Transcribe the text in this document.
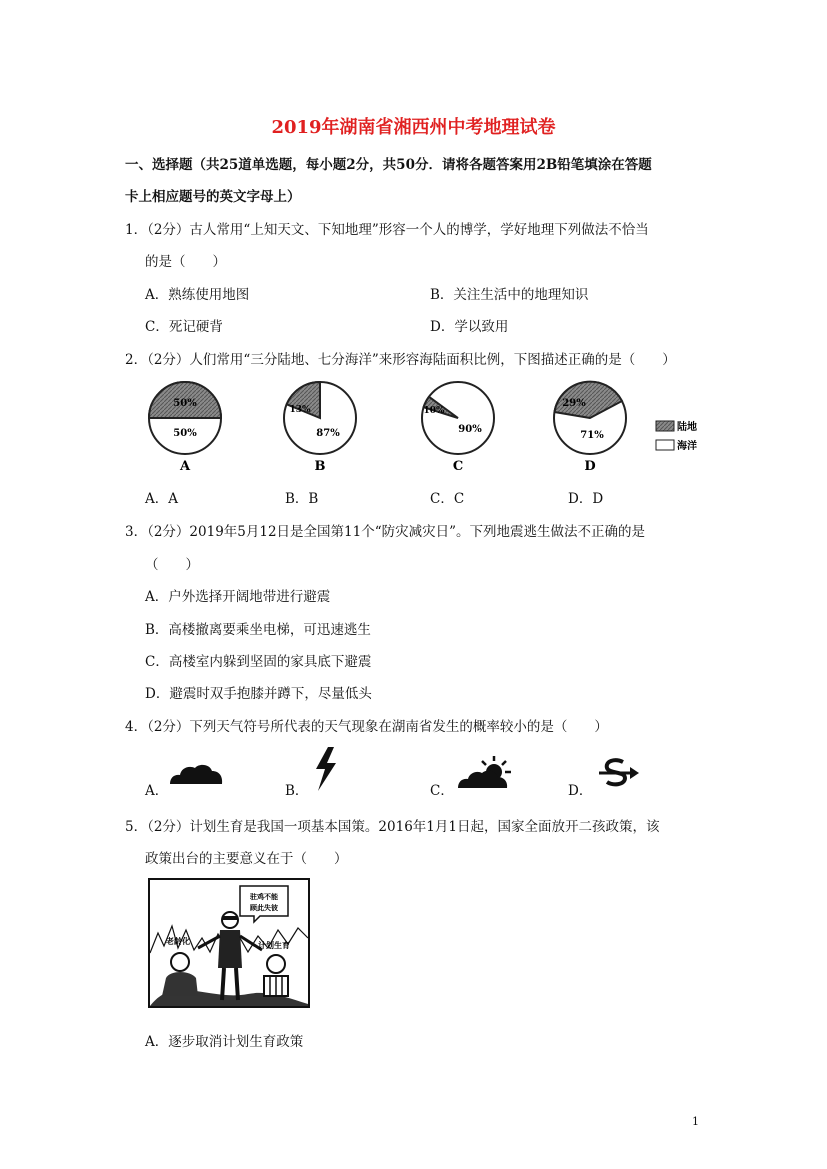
2019年湖南省湘西州中考地理试卷
一、选择题（共25道单选题，每小题2分，共50分．请将各题答案用2B铅笔填涂在答题
卡上相应题号的英文字母上）
1．（2分）古人常用“上知天文、下知地理”形容一个人的博学，学好地理下列做法不恰当
的是（　　）
A．熟练使用地图	B．关注生活中的地理知识
C．死记硬背	D．学以致用
2．（2分）人们常用“三分陆地、七分海洋”来形容海陆面积比例，下图描述正确的是（　　）
50%
50%
A
13%
87%
B
10%
90%
C
29%
71%
D
陆地
海洋
A．A	B．B	C．C	D．D
3．（2分）2019年5月12日是全国第11个“防灾减灾日”。下列地震逃生做法不正确的是
（　　）
A．户外选择开阔地带进行避震
B．高楼撤离要乘坐电梯，可迅速逃生
C．高楼室内躲到坚固的家具底下避震
D．避震时双手抱膝并蹲下，尽量低头
4．（2分）下列天气符号所代表的天气现象在湖南省发生的概率较小的是（　　）
A．	B．	C．	D．
5．（2分）计划生育是我国一项基本国策。2016年1月1日起，国家全面放开二孩政策，该
政策出台的主要意义在于（　　）
驻鸡不能
顾此失彼
老龄化	计划生育
A．逐步取消计划生育政策
1
